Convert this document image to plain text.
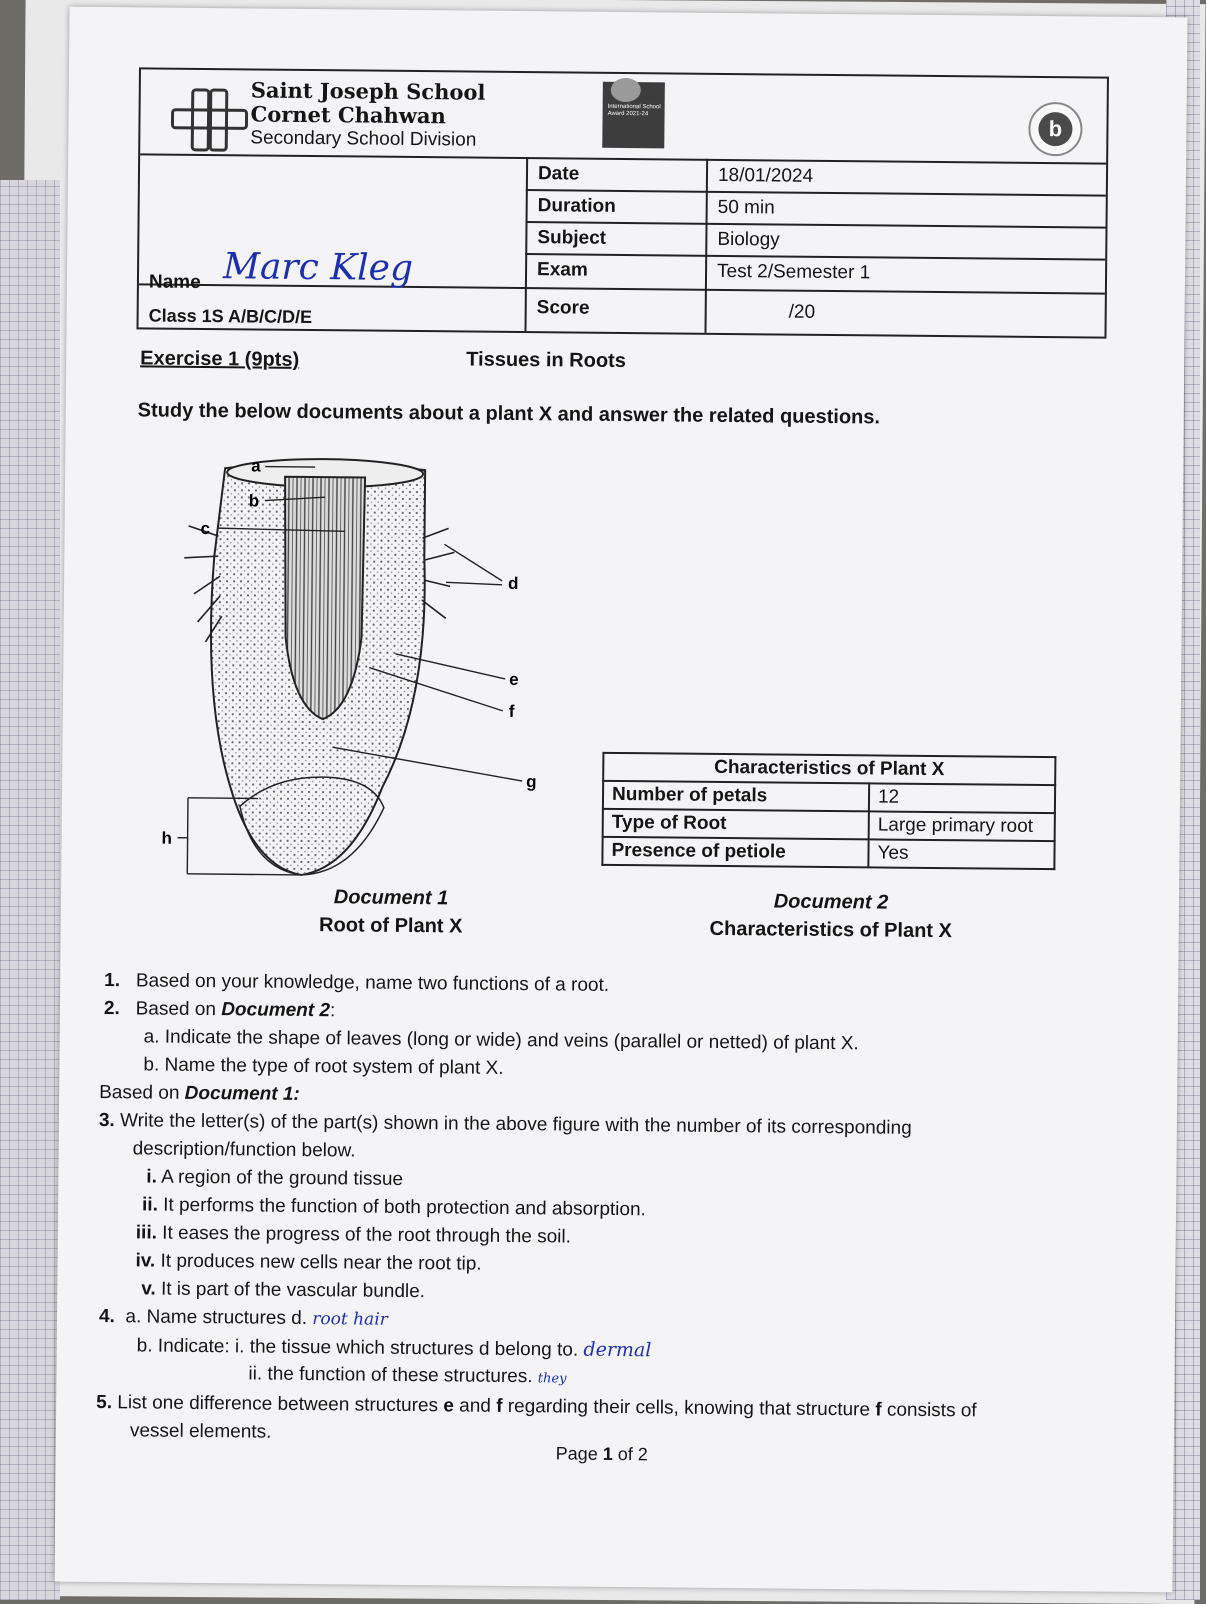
Saint Joseph School
Cornet Chahwan
Secondary School Division
International School Award 2021-24
b
Date	18/01/2024
Duration	50 min
Subject	Biology
Exam	Test 2/Semester 1
Score	/20
Name Marc Kleg
Class 1S A/B/C/D/E
Exercise 1 (9pts)	Tissues in Roots
Study the below documents about a plant X and answer the related questions.
a
b
c
d
e
f
g
h
Document 1
Root of Plant X
Characteristics of Plant X	
Number of petals	12
Type of Root	Large primary root
Presence of petiole	Yes
Document 2
Characteristics of Plant X
1. Based on your knowledge, name two functions of a root.
2. Based on Document 2:
a. Indicate the shape of leaves (long or wide) and veins (parallel or netted) of plant X.
b. Name the type of root system of plant X.
Based on Document 1:
3. Write the letter(s) of the part(s) shown in the above figure with the number of its corresponding
description/function below.
i. A region of the ground tissue
ii. It performs the function of both protection and absorption.
iii. It eases the progress of the root through the soil.
iv. It produces new cells near the root tip.
v. It is part of the vascular bundle.
4. a. Name structures d. root hair
b. Indicate: i. the tissue which structures d belong to. dermal
ii. the function of these structures. they
5. List one difference between structures e and f regarding their cells, knowing that structure f consists of
vessel elements.
Page 1 of 2
